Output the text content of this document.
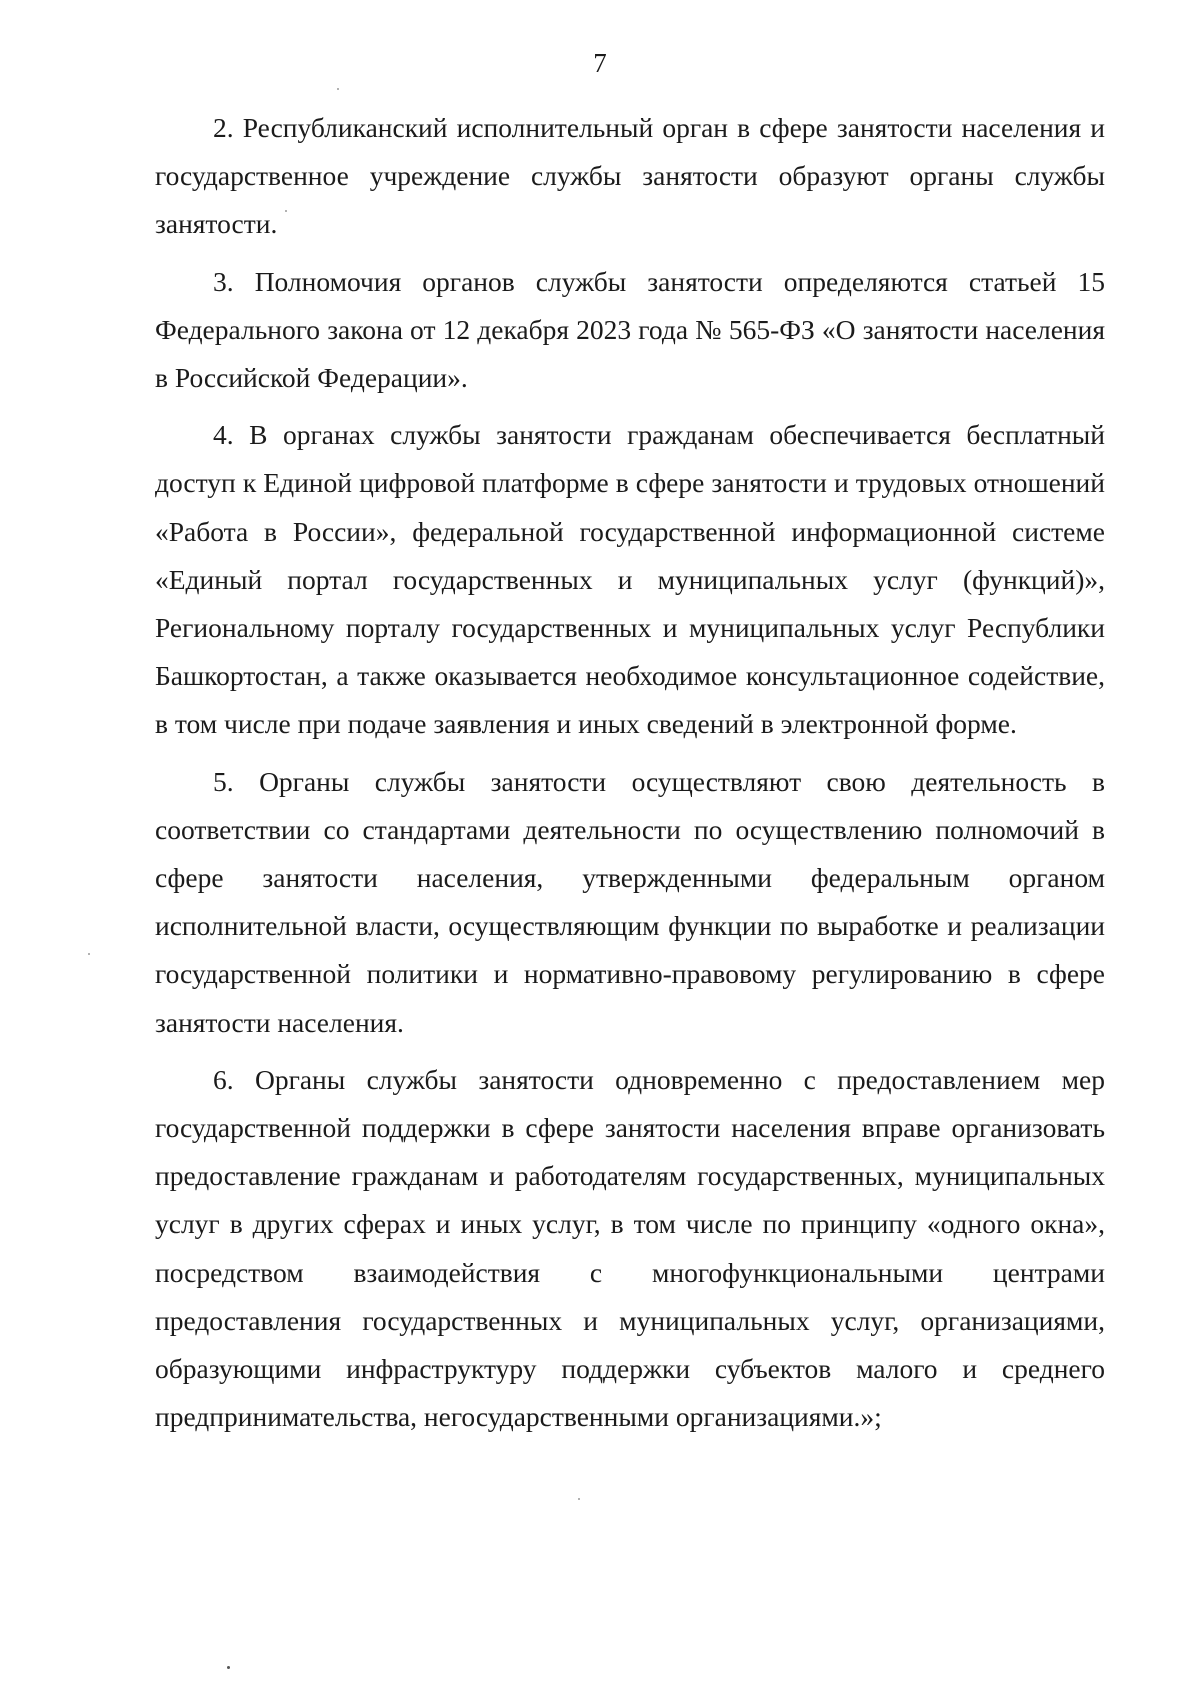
7

2. Республиканский исполнительный орган в сфере занятости населения и государственное учреждение службы занятости образуют органы службы занятости.

3. Полномочия органов службы занятости определяются статьей 15 Федерального закона от 12 декабря 2023 года № 565-ФЗ «О занятости населения в Российской Федерации».

4. В органах службы занятости гражданам обеспечивается бесплатный доступ к Единой цифровой платформе в сфере занятости и трудовых отношений «Работа в России», федеральной государственной информационной системе «Единый портал государственных и муниципальных услуг (функций)», Региональному порталу государственных и муниципальных услуг Республики Башкортостан, а также оказывается необходимое консультационное содействие, в том числе при подаче заявления и иных сведений в электронной форме.

5. Органы службы занятости осуществляют свою деятельность в соответствии со стандартами деятельности по осуществлению полномочий в сфере занятости населения, утвержденными федеральным органом исполнительной власти, осуществляющим функции по выработке и реализации государственной политики и нормативно-правовому регулированию в сфере занятости населения.

6. Органы службы занятости одновременно с предоставлением мер государственной поддержки в сфере занятости населения вправе организовать предоставление гражданам и работодателям государственных, муниципальных услуг в других сферах и иных услуг, в том числе по принципу «одного окна», посредством взаимодействия с многофункциональными центрами предоставления государственных и муниципальных услуг, организациями, образующими инфраструктуру поддержки субъектов малого и среднего предпринимательства, негосударственными организациями.»;
